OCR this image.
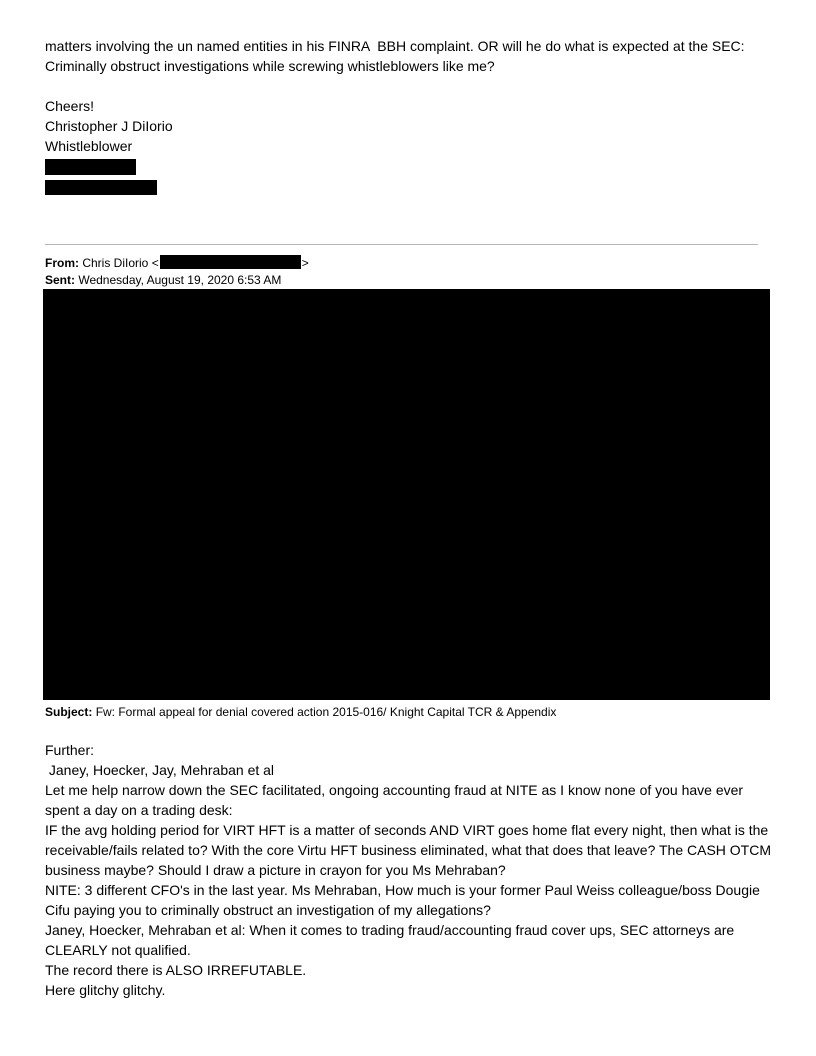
matters involving the un named entities in his FINRA  BBH complaint. OR will he do what is expected at the SEC: Criminally obstruct investigations while screwing whistleblowers like me?

Cheers!

Christopher J DiIorio

Whistleblower

From: Chris DiIorio <	>
Sent: Wednesday, August 19, 2020 6:53 AM
Subject: Fw: Formal appeal for denial covered action 2015-016/ Knight Capital TCR & Appendix

Further:

Janey, Hoecker, Jay, Mehraban et al

Let me help narrow down the SEC facilitated, ongoing accounting fraud at NITE as I know none of you have ever spent a day on a trading desk:

IF the avg holding period for VIRT HFT is a matter of seconds AND VIRT goes home flat every night, then what is the receivable/fails related to? With the core Virtu HFT business eliminated, what that does that leave? The CASH OTCM business maybe? Should I draw a picture in crayon for you Ms Mehraban?

NITE: 3 different CFO's in the last year. Ms Mehraban, How much is your former Paul Weiss colleague/boss Dougie Cifu paying you to criminally obstruct an investigation of my allegations?

Janey, Hoecker, Mehraban et al: When it comes to trading fraud/accounting fraud cover ups, SEC attorneys are CLEARLY not qualified.

The record there is ALSO IRREFUTABLE.

Here glitchy glitchy.
